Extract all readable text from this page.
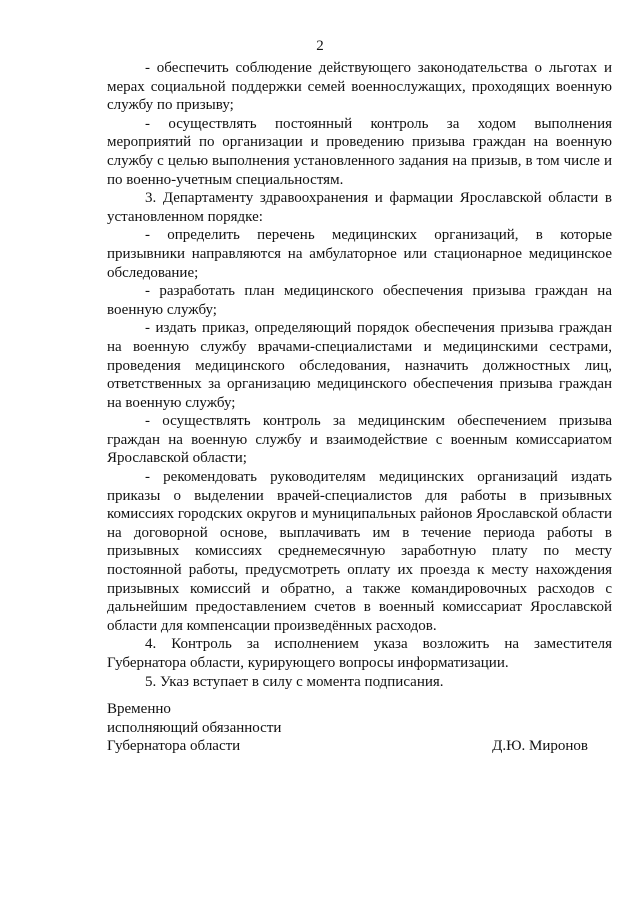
2

- обеспечить соблюдение действующего законодательства о льготах и мерах социальной поддержки семей военнослужащих, проходящих военную службу по призыву;

- осуществлять постоянный контроль за ходом выполнения мероприятий по организации и проведению призыва граждан на военную службу с целью выполнения установленного задания на призыв, в том числе и по военно-учетным специальностям.

3. Департаменту здравоохранения и фармации Ярославской области в установленном порядке:

- определить перечень медицинских организаций, в которые призывники направляются на амбулаторное или стационарное медицинское обследование;

- разработать план медицинского обеспечения призыва граждан на военную службу;

- издать приказ, определяющий порядок обеспечения призыва граждан на военную службу врачами-специалистами и медицинскими сестрами, проведения медицинского обследования, назначить должностных лиц, ответственных за организацию медицинского обеспечения призыва граждан на военную службу;

- осуществлять контроль за медицинским обеспечением призыва граждан на военную службу и взаимодействие с военным комиссариатом Ярославской области;

- рекомендовать руководителям медицинских организаций издать приказы о выделении врачей-специалистов для работы в призывных комиссиях городских округов и муниципальных районов Ярославской области на договорной основе, выплачивать им в течение периода работы в призывных комиссиях среднемесячную заработную плату по месту постоянной работы, предусмотреть оплату их проезда к месту нахождения призывных комиссий и обратно, а также командировочных расходов с дальнейшим предоставлением счетов в военный комиссариат Ярославской области для компенсации произведённых расходов.

4. Контроль за исполнением указа возложить на заместителя Губернатора области, курирующего вопросы информатизации.

5. Указ вступает в силу с момента подписания.

Временно

исполняющий обязанности

Губернатора области	Д.Ю. Миронов
